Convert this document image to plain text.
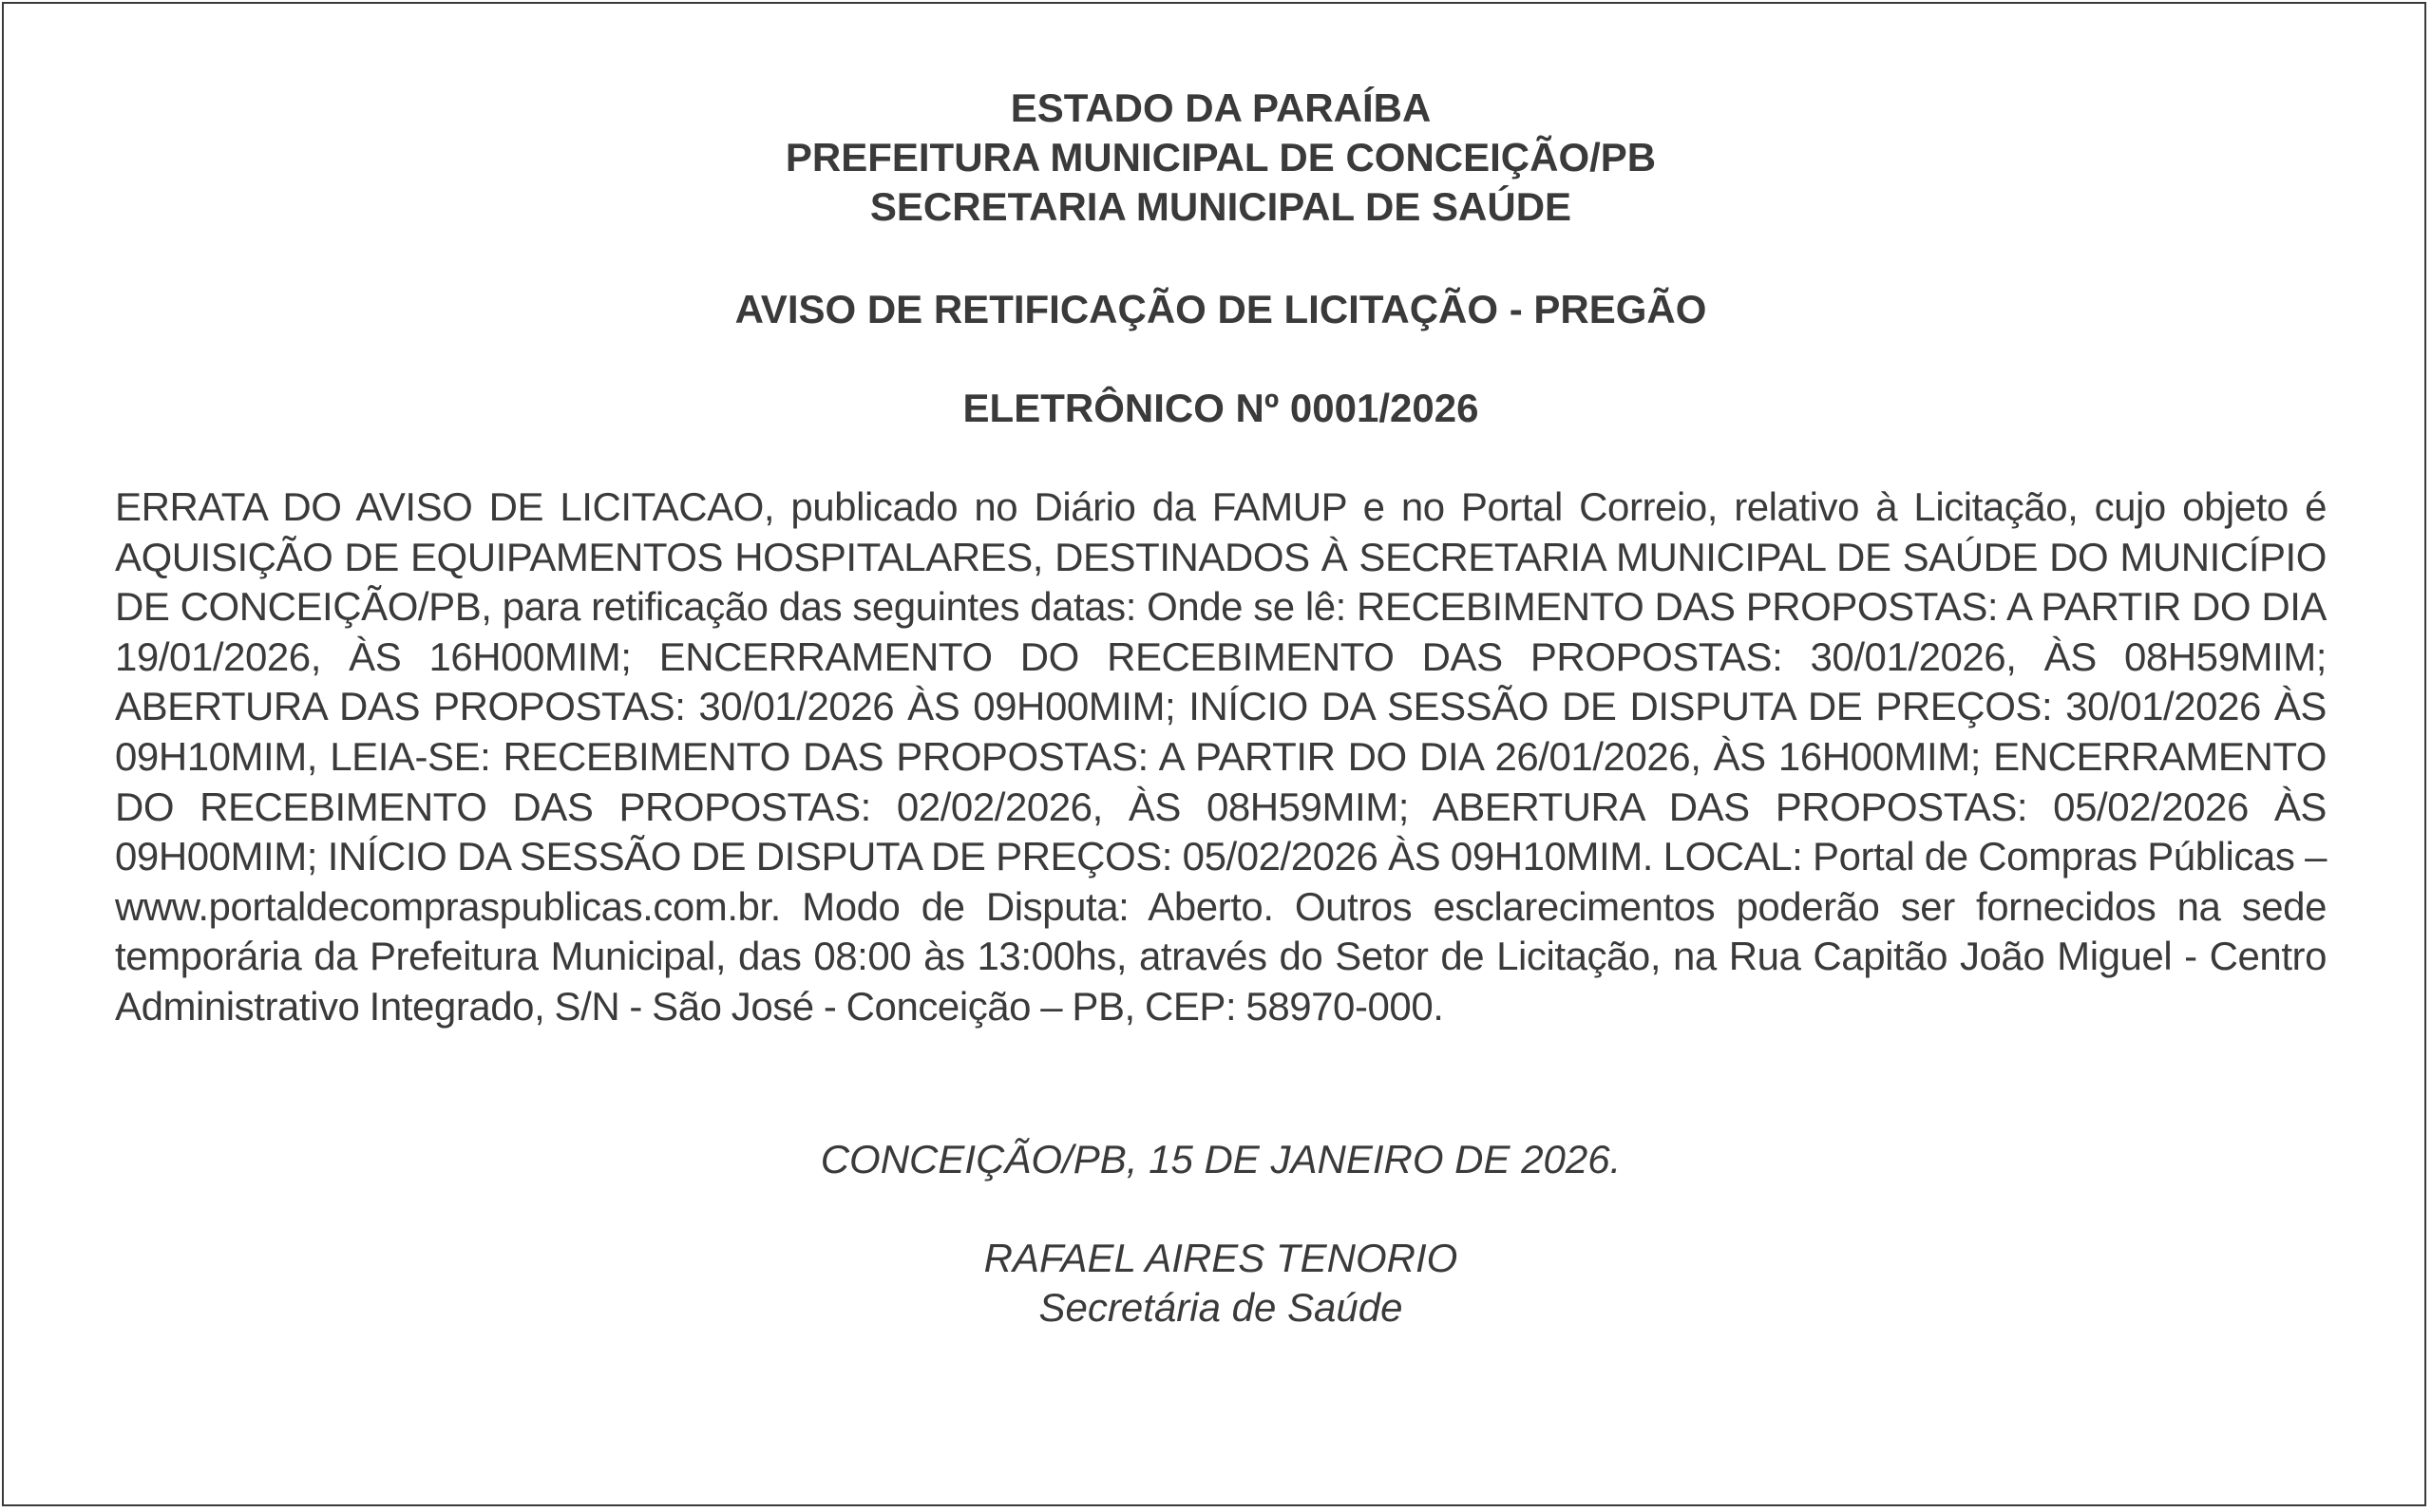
ESTADO DA PARAÍBA
PREFEITURA MUNICIPAL DE CONCEIÇÃO/PB
SECRETARIA MUNICIPAL DE SAÚDE
AVISO DE RETIFICAÇÃO DE LICITAÇÃO - PREGÃO
ELETRÔNICO Nº 0001/2026
ERRATA DO AVISO DE LICITACAO, publicado no Diário da FAMUP e no Portal Correio, relativo à Licitação, cujo objeto é AQUISIÇÃO DE EQUIPAMENTOS HOSPITALARES, DESTINADOS À SECRETARIA MUNICIPAL DE SAÚDE DO MUNICÍPIO DE CONCEIÇÃO/PB, para retificação das seguintes datas: Onde se lê: RECEBIMENTO DAS PROPOSTAS: A PARTIR DO DIA 19/01/2026, ÀS 16H00MIM; ENCERRAMENTO DO RECEBIMENTO DAS PROPOSTAS: 30/01/2026, ÀS 08H59MIM; ABERTURA DAS PROPOSTAS: 30/01/2026 ÀS 09H00MIM; INÍCIO DA SESSÃO DE DISPUTA DE PREÇOS: 30/01/2026 ÀS 09H10MIM, LEIA-SE: RECEBIMENTO DAS PROPOSTAS: A PARTIR DO DIA 26/01/2026, ÀS 16H00MIM; ENCERRAMENTO DO RECEBIMENTO DAS PROPOSTAS: 02/02/2026, ÀS 08H59MIM; ABERTURA DAS PROPOSTAS: 05/02/2026 ÀS 09H00MIM; INÍCIO DA SESSÃO DE DISPUTA DE PREÇOS: 05/02/2026 ÀS 09H10MIM. LOCAL: Portal de Compras Públicas – www.portaldecompraspublicas.com.br. Modo de Disputa: Aberto. Outros esclarecimentos poderão ser fornecidos na sede temporária da Prefeitura Municipal, das 08:00 às 13:00hs, através do Setor de Licitação, na Rua Capitão João Miguel - Centro Administrativo Integrado, S/N - São José - Conceição – PB, CEP: 58970-000.
CONCEIÇÃO/PB, 15 DE JANEIRO DE 2026.
RAFAEL AIRES TENORIO
Secretária de Saúde
